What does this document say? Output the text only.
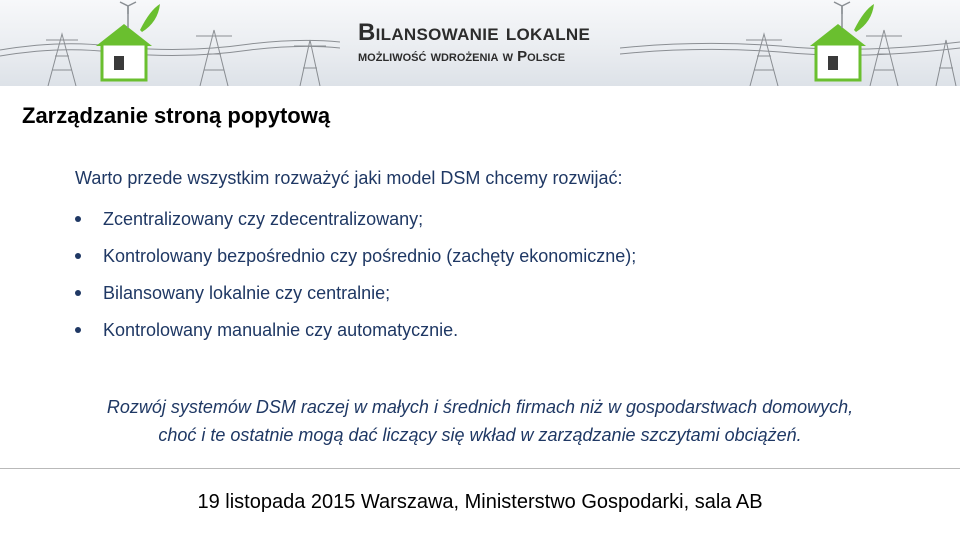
Bilansowanie lokalne
możliwość wdrożenia w Polsce
Zarządzanie stroną popytową

Warto przede wszystkim rozważyć jaki model DSM chcemy rozwijać:

Zcentralizowany czy zdecentralizowany;
Kontrolowany bezpośrednio czy pośrednio (zachęty ekonomiczne);
Bilansowany lokalnie czy centralnie;
Kontrolowany manualnie czy automatycznie.
Rozwój systemów DSM raczej w małych i średnich firmach niż w gospodarstwach domowych,
choć i te ostatnie mogą dać liczący się wkład w zarządzanie szczytami obciążeń.
19 listopada 2015 Warszawa, Ministerstwo Gospodarki, sala AB
